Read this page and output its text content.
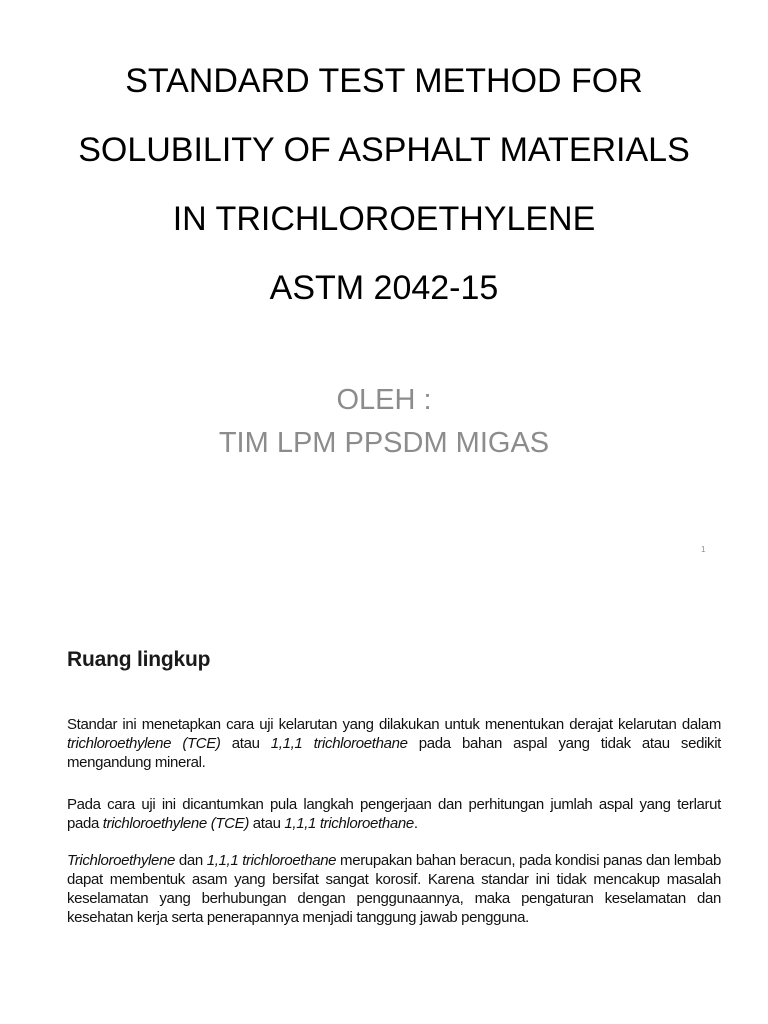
STANDARD TEST METHOD FOR
SOLUBILITY OF ASPHALT MATERIALS
IN TRICHLOROETHYLENE
ASTM 2042-15
OLEH :
TIM LPM PPSDM MIGAS
1
Ruang lingkup

Standar ini menetapkan cara uji kelarutan yang dilakukan untuk menentukan derajat kelarutan dalam trichloroethylene (TCE) atau 1,1,1 trichloroethane pada bahan aspal yang tidak atau sedikit mengandung mineral.

Pada cara uji ini dicantumkan pula langkah pengerjaan dan perhitungan jumlah aspal yang terlarut pada trichloroethylene (TCE) atau 1,1,1 trichloroethane.

Trichloroethylene dan 1,1,1 trichloroethane merupakan bahan beracun, pada kondisi panas dan lembab dapat membentuk asam yang bersifat sangat korosif. Karena standar ini tidak mencakup masalah keselamatan yang berhubungan dengan penggunaannya, maka pengaturan keselamatan dan kesehatan kerja serta penerapannya menjadi tanggung jawab pengguna.
